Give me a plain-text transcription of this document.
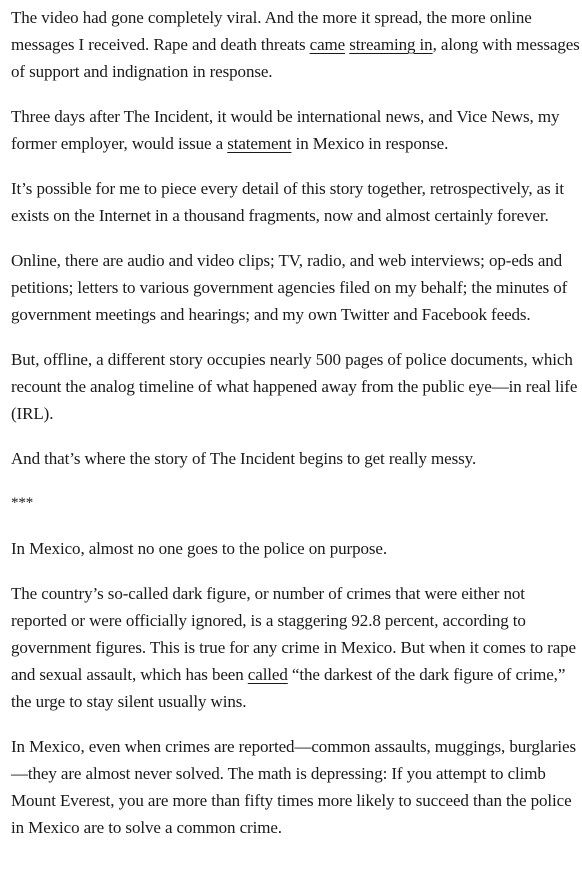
The video had gone completely viral. And the more it spread, the more online messages I received. Rape and death threats came streaming in, along with messages of support and indignation in response.

Three days after The Incident, it would be international news, and Vice News, my former employer, would issue a statement in Mexico in response.

It’s possible for me to piece every detail of this story together, retrospectively, as it exists on the Internet in a thousand fragments, now and almost certainly forever.

Online, there are audio and video clips; TV, radio, and web interviews; op-eds and petitions; letters to various government agencies filed on my behalf; the minutes of government meetings and hearings; and my own Twitter and Facebook feeds.

But, offline, a different story occupies nearly 500 pages of police documents, which recount the analog timeline of what happened away from the public eye—in real life (IRL).

And that’s where the story of The Incident begins to get really messy.

***

In Mexico, almost no one goes to the police on purpose.

The country’s so-called dark figure, or number of crimes that were either not reported or were officially ignored, is a staggering 92.8 percent, according to government figures. This is true for any crime in Mexico. But when it comes to rape and sexual assault, which has been called “the darkest of the dark figure of crime,” the urge to stay silent usually wins.

In Mexico, even when crimes are reported—common assaults, muggings, burglaries—they are almost never solved. The math is depressing: If you attempt to climb Mount Everest, you are more than fifty times more likely to succeed than the police in Mexico are to solve a common crime.
